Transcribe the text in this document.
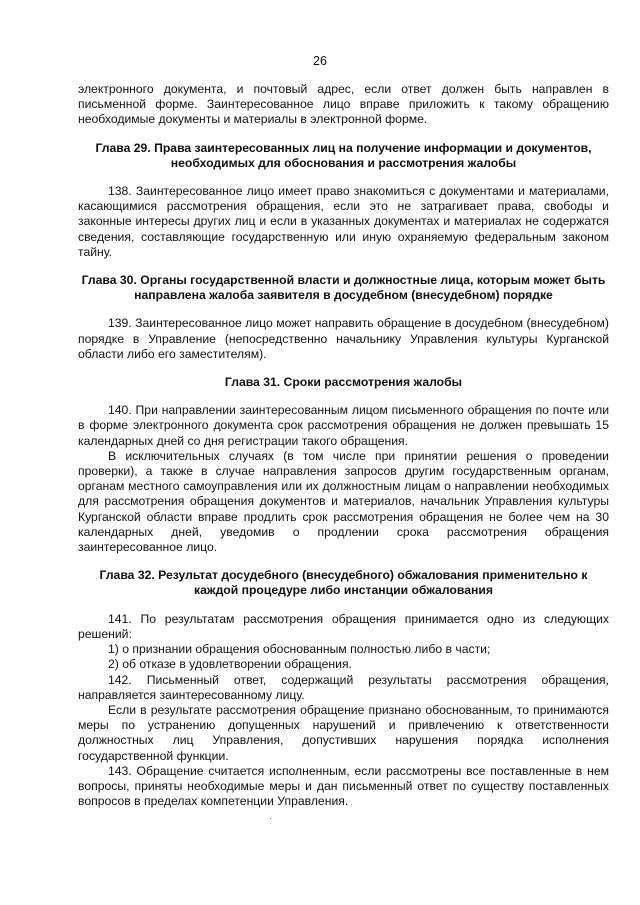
26

электронного документа, и почтовый адрес, если ответ должен быть направлен в письменной форме. Заинтересованное лицо вправе приложить к такому обращению необходимые документы и материалы в электронной форме.

Глава 29. Права заинтересованных лиц на получение информации и документов, необходимых для обоснования и рассмотрения жалобы

138. Заинтересованное лицо имеет право знакомиться с документами и материалами, касающимися рассмотрения обращения, если это не затрагивает права, свободы и законные интересы других лиц и если в указанных документах и материалах не содержатся сведения, составляющие государственную или иную охраняемую федеральным законом тайну.

Глава 30. Органы государственной власти и должностные лица, которым может быть направлена жалоба заявителя в досудебном (внесудебном) порядке

139. Заинтересованное лицо может направить обращение в досудебном (внесудебном) порядке в Управление (непосредственно начальнику Управления культуры Курганской области либо его заместителям).

Глава 31. Сроки рассмотрения жалобы

140. При направлении заинтересованным лицом письменного обращения по почте или в форме электронного документа срок рассмотрения обращения не должен превышать 15 календарных дней со дня регистрации такого обращения.

В исключительных случаях (в том числе при принятии решения о проведении проверки), а также в случае направления запросов другим государственным органам, органам местного самоуправления или их должностным лицам о направлении необходимых для рассмотрения обращения документов и материалов, начальник Управления культуры Курганской области вправе продлить срок рассмотрения обращения не более чем на 30 календарных дней, уведомив о продлении срока рассмотрения обращения заинтересованное лицо.

Глава 32. Результат досудебного (внесудебного) обжалования применительно к каждой процедуре либо инстанции обжалования

141. По результатам рассмотрения обращения принимается одно из следующих решений:

1) о признании обращения обоснованным полностью либо в части;

2) об отказе в удовлетворении обращения.

142. Письменный ответ, содержащий результаты рассмотрения обращения, направляется заинтересованному лицу.

Если в результате рассмотрения обращение признано обоснованным, то принимаются меры по устранению допущенных нарушений и привлечению к ответственности должностных лиц Управления, допустивших нарушения порядка исполнения государственной функции.

143. Обращение считается исполненным, если рассмотрены все поставленные в нем вопросы, приняты необходимые меры и дан письменный ответ по существу поставленных вопросов в пределах компетенции Управления.
